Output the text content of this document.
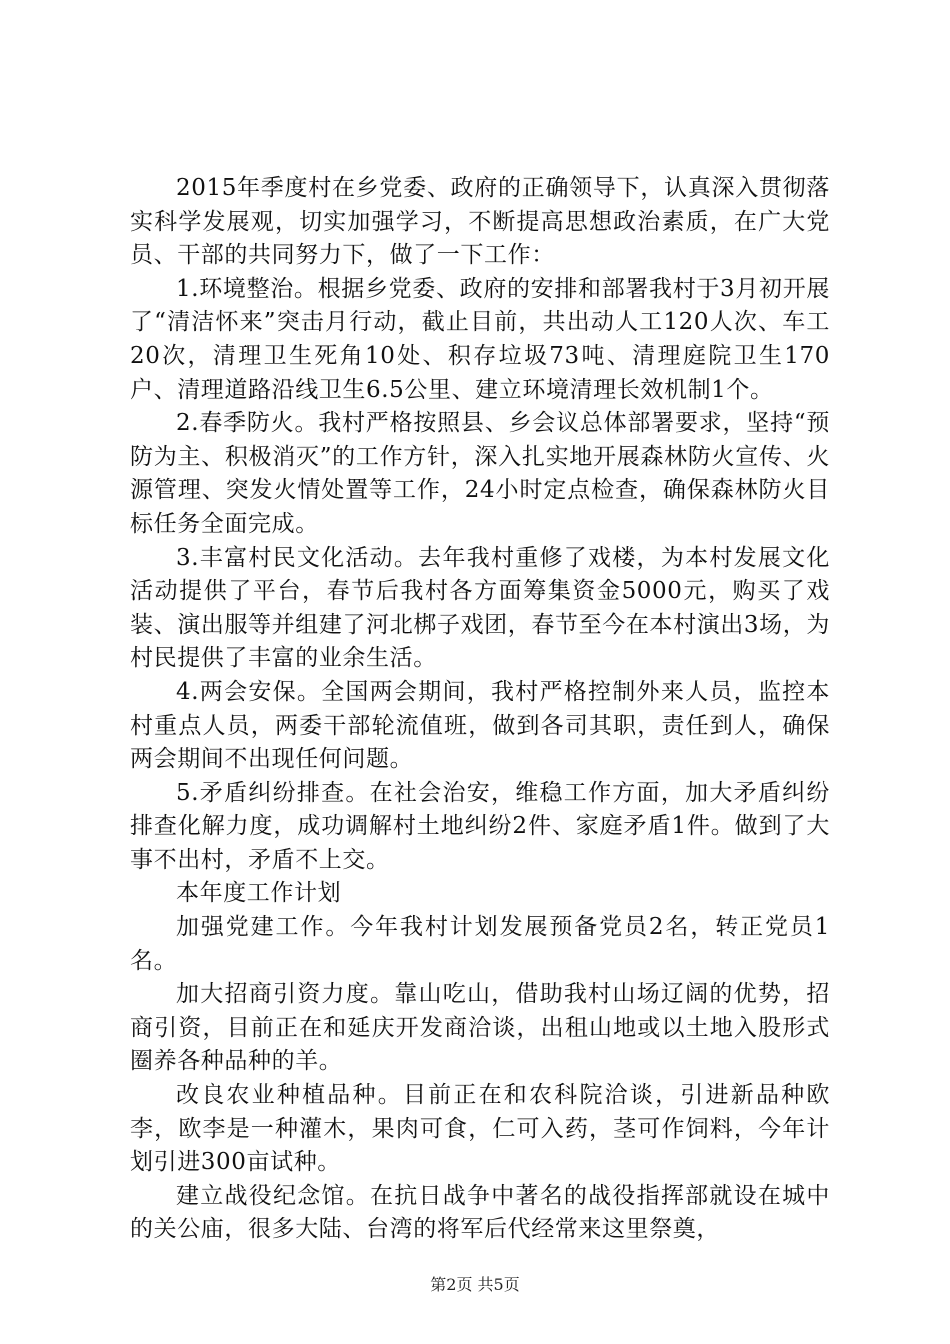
2015年季度村在乡党委、政府的正确领导下，认真深入贯彻落实科学发展观，切实加强学习，不断提高思想政治素质，在广大党员、干部的共同努力下，做了一下工作：

1.环境整治。根据乡党委、政府的安排和部署我村于3月初开展了“清洁怀来”突击月行动，截止目前，共出动人工120人次、车工20次，清理卫生死角10处、积存垃圾73吨、清理庭院卫生170户、清理道路沿线卫生6.5公里、建立环境清理长效机制1个。

2.春季防火。我村严格按照县、乡会议总体部署要求，坚持“预防为主、积极消灭”的工作方针，深入扎实地开展森林防火宣传、火源管理、突发火情处置等工作，24小时定点检查，确保森林防火目标任务全面完成。

3.丰富村民文化活动。去年我村重修了戏楼，为本村发展文化活动提供了平台，春节后我村各方面筹集资金5000元，购买了戏装、演出服等并组建了河北梆子戏团，春节至今在本村演出3场，为村民提供了丰富的业余生活。

4.两会安保。全国两会期间，我村严格控制外来人员，监控本村重点人员，两委干部轮流值班，做到各司其职，责任到人，确保两会期间不出现任何问题。

5.矛盾纠纷排查。在社会治安，维稳工作方面，加大矛盾纠纷排查化解力度，成功调解村土地纠纷2件、家庭矛盾1件。做到了大事不出村，矛盾不上交。

本年度工作计划

加强党建工作。今年我村计划发展预备党员2名，转正党员1名。

加大招商引资力度。靠山吃山，借助我村山场辽阔的优势，招商引资，目前正在和延庆开发商洽谈，出租山地或以土地入股形式圈养各种品种的羊。

改良农业种植品种。目前正在和农科院洽谈，引进新品种欧李，欧李是一种灌木，果肉可食，仁可入药，茎可作饲料，今年计划引进300亩试种。

建立战役纪念馆。在抗日战争中著名的战役指挥部就设在城中的关公庙，很多大陆、台湾的将军后代经常来这里祭奠，

第2页 共5页
